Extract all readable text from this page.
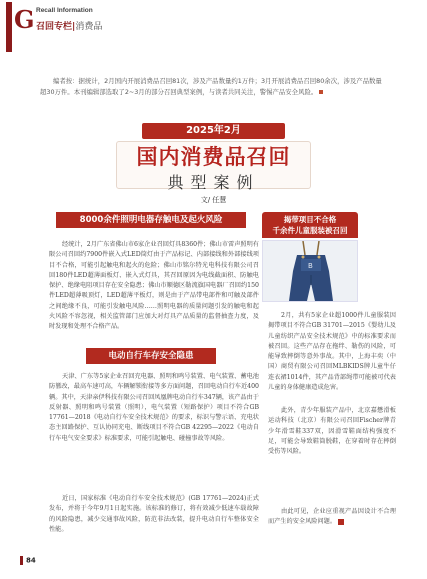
G Recall Information
召回专栏|消费品
编者按：据统计，2月国内开展消费品召回81次，涉及产品数量约1万件；3月开展消费品召回80余次，涉及产品数量超30万件。本刊编辑部选取了2~3月的部分召回典型案例，与读者共同关注，警惕产品安全风险。
2025年2月
国内消费品召回
典型案例
文/ 任慧
8000余件照明电器存触电及起火风险

经统计，2月广东省佛山市6家企业召回灯具8360件；佛山市雷声照明有限公司召回约7900件嵌入式LED筒灯由于产品标记、内部接线和外部接线项目不合格，可能引起触电和起火的危险；佛山市铭尔特光电科技有限公司召回180件LED超薄面板灯、嵌入式灯具，其召回原因为电线截面积、防触电保护、绝缘电阻项目存在安全隐患；佛山市顺德区勒流旗国电器厂召回约150件LED超薄吸顶灯，LED超薄平板灯，则是由于产品带电部件和可触及部件之间绝缘不良，可能引发触电风险……照明电器的质量问题引发的触电和起火风险不容忽视，相关监管部门应加大对灯具产品质量的监督抽查力度，及时发现和处理不合格产品。

电动自行车存安全隐患

天津、广东等5家企业召回充电器、照明和鸣号装置、电气装置、蓄电池防篡改，最高车速可高，车辆解锁衔接等多方面问题，召回电动自行车近400辆。其中，天津亲伊科技有限公司召回凤凰牌电动自行车347辆，该产品由于反射器、照明和鸣号装置（照明），电气装置（短路保护）项目不符合GB 17761—2018《电动自行车安全技术规范》的要求，标识与警示语、充电状态主回路保护、互认协同充电、断线项目不符合GB 42295—2022《电动自行车电气安全要求》标准要求，可能引起触电、碰撞事故等风险。

近日，国家标准《电动自行车安全技术规范》(GB 17761—2024)正式发布，并将于今年9月1日起实施。该标准的修订，将有效减少低速车载故障的风险隐患，减少交通事故风险，防范非法改装，提升电动自行车整体安全性能。

揭带项目不合格
千余件儿童服装被召回
B

2月，共有5家企业超1000件儿童服装因揭带项目不符合GB 31701—2015《婴幼儿及儿童纺织产品安全技术规范》中的标准要求而被召回。这些产品存在拖绊、勒伤的风险，可能导致摔倒等意外事故。其中，上海丰奕（中国）商贸有限公司召回MLBKIDS牌儿童牛仔连衣裙1014件，其产品背部绳带可能被可代表儿童的身体健康造成危害。

此外，青少年服装产品中，北京嘉懋滑板运动科技（北京）有限公司召回Fischer牌青少年滑雪鞋337双，因滑雪鞋面结构强度不足，可能会导致鞋筒脱鞋，在穿着时存在摔倒受伤等风险。

由此可见，企业应重视产品因设计不合理而产生的安全风险问题。

84
